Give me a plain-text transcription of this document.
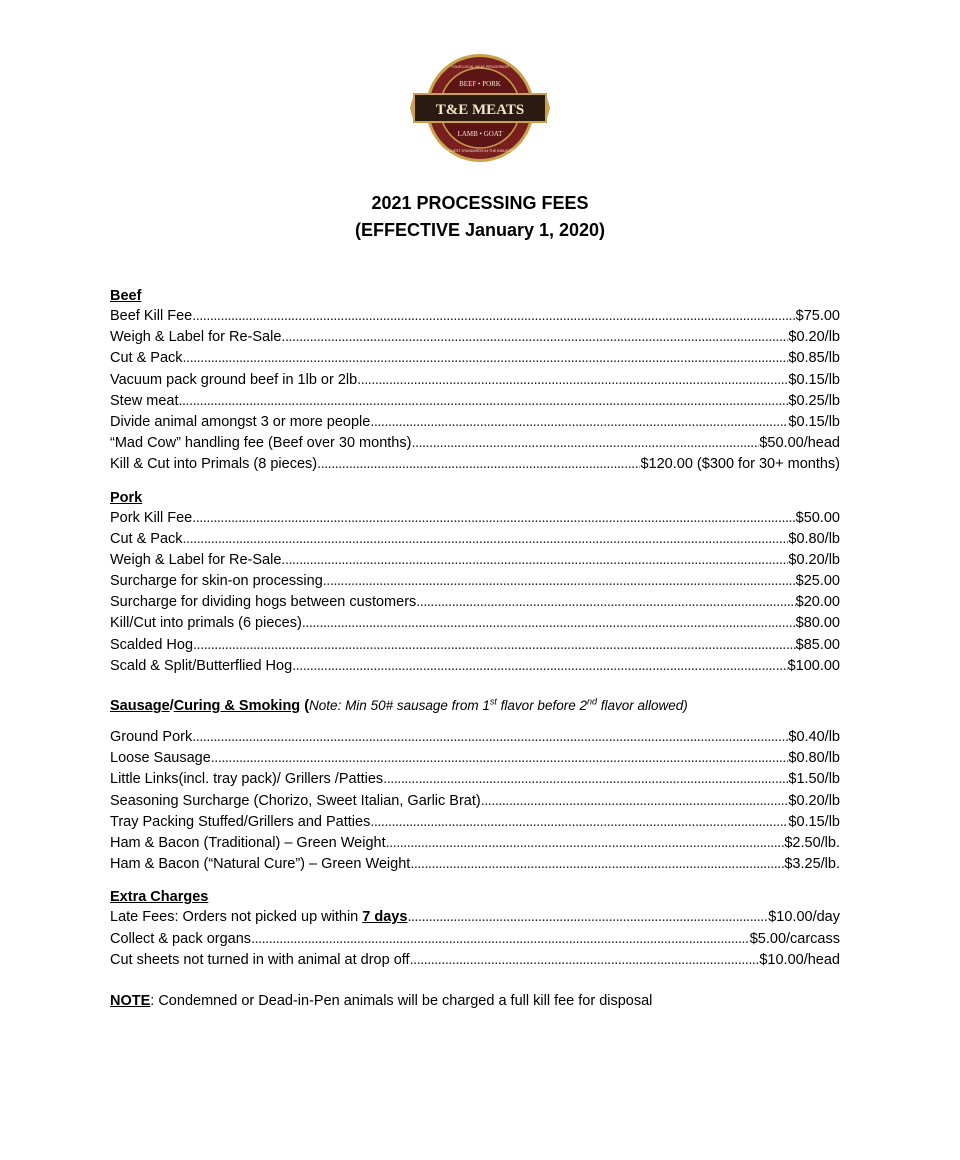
T&E MEATS
BEEF • PORK
LAMB • GOAT
YOUR LOCAL MEAT PROCESSOR
HIGHEST STANDARDS IN THE INDUSTRY
2021 PROCESSING FEES
(EFFECTIVE January 1, 2020)
Beef
Beef Kill Fee .....	$75.00
Weigh & Label for Re-Sale .....	$0.20/lb
Cut & Pack .....	$0.85/lb
Vacuum pack ground beef in 1lb or 2lb .....	$0.15/lb
Stew meat .....	$0.25/lb
Divide animal amongst 3 or more people .....	$0.15/lb
“Mad Cow” handling fee (Beef over 30 months) .....	$50.00/head
Kill & Cut into Primals (8 pieces) .....	$120.00 ($300 for 30+ months)
Pork
Pork Kill Fee .....	$50.00
Cut & Pack .....	$0.80/lb
Weigh & Label for Re-Sale .....	$0.20/lb
Surcharge for skin-on processing .....	$25.00
Surcharge for dividing hogs between customers .....	$20.00
Kill/Cut into primals (6 pieces) .....	$80.00
Scalded Hog .....	$85.00
Scald & Split/Butterflied Hog .....	$100.00
Sausage/Curing & Smoking (Note: Min 50# sausage from 1st flavor before 2nd flavor allowed)
Ground Pork .....	$0.40/lb
Loose Sausage .....	$0.80/lb
Little Links(incl. tray pack)/ Grillers /Patties .....	$1.50/lb
Seasoning Surcharge (Chorizo, Sweet Italian, Garlic Brat) .....	$0.20/lb
Tray Packing Stuffed/Grillers and Patties .....	$0.15/lb
Ham & Bacon (Traditional) – Green Weight .....	$2.50/lb.
Ham & Bacon (“Natural Cure”) – Green Weight .....	$3.25/lb.
Extra Charges
Late Fees: Orders not picked up within 7 days .....	$10.00/day
Collect & pack organs .....	$5.00/carcass
Cut sheets not turned in with animal at drop off .....	$10.00/head
NOTE : Condemned or Dead-in-Pen animals will be charged a full kill fee for disposal
